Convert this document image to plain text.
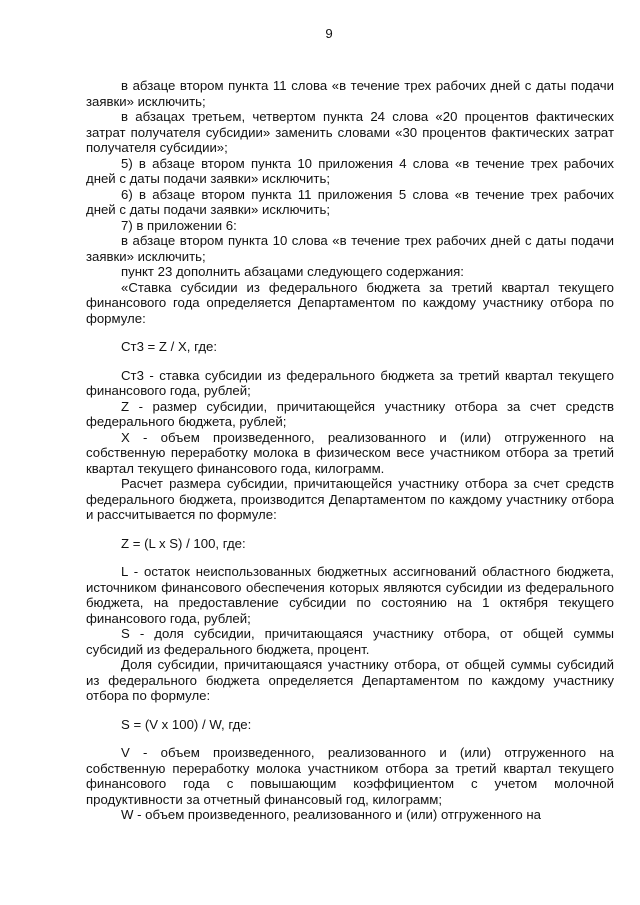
9

в абзаце втором пункта 11 слова «в течение трех рабочих дней с даты подачи заявки» исключить;

в абзацах третьем, четвертом пункта 24 слова «20 процентов фактических затрат получателя субсидии» заменить словами «30 процентов фактических затрат получателя субсидии»;

5) в абзаце втором пункта 10 приложения 4 слова «в течение трех рабочих дней с даты подачи заявки» исключить;

6) в абзаце втором пункта 11 приложения 5 слова «в течение трех рабочих дней с даты подачи заявки» исключить;

7) в приложении 6:

в абзаце втором пункта 10 слова «в течение трех рабочих дней с даты подачи заявки» исключить;

пункт 23 дополнить абзацами следующего содержания:

«Ставка субсидии из федерального бюджета за третий квартал текущего финансового года определяется Департаментом по каждому участнику отбора по формуле:

Ст3 = Z / X, где:

Ст3 - ставка субсидии из федерального бюджета за третий квартал текущего финансового года, рублей;

Z - размер субсидии, причитающейся участнику отбора за счет средств федерального бюджета, рублей;

X - объем произведенного, реализованного и (или) отгруженного на собственную переработку молока в физическом весе участником отбора за третий квартал текущего финансового года, килограмм.

Расчет размера субсидии, причитающейся участнику отбора за счет средств федерального бюджета, производится Департаментом по каждому участнику отбора и рассчитывается по формуле:

Z = (L x S) / 100, где:

L - остаток неиспользованных бюджетных ассигнований областного бюджета, источником финансового обеспечения которых являются субсидии из федерального бюджета, на предоставление субсидии по состоянию на 1 октября текущего финансового года, рублей;

S - доля субсидии, причитающаяся участнику отбора, от общей суммы субсидий из федерального бюджета, процент.

Доля субсидии, причитающаяся участнику отбора, от общей суммы субсидий из федерального бюджета определяется Департаментом по каждому участнику отбора по формуле:

S = (V x 100) / W, где:

V - объем произведенного, реализованного и (или) отгруженного на собственную переработку молока участником отбора за третий квартал текущего финансового года с повышающим коэффициентом с учетом молочной продуктивности за отчетный финансовый год, килограмм;

W - объем произведенного, реализованного и (или) отгруженного на
